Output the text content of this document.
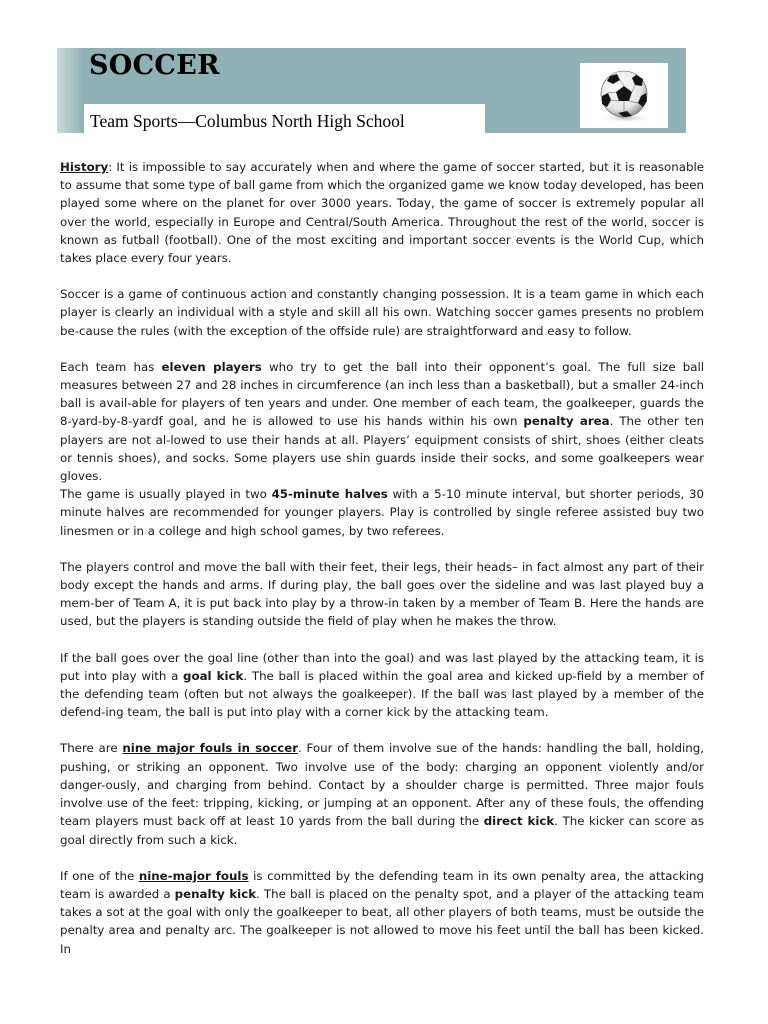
SOCCER
Team Sports—Columbus North High School

History: It is impossible to say accurately when and where the game of soccer started, but it is reasonable to assume that some type of ball game from which the organized game we know today developed, has been played some where on the planet for over 3000 years. Today, the game of soccer is extremely popular all over the world, especially in Europe and Central/South America. Throughout the rest of the world, soccer is known as futball (football). One of the most exciting and important soccer events is the World Cup, which takes place every four years.

Soccer is a game of continuous action and constantly changing possession. It is a team game in which each player is clearly an individual with a style and skill all his own. Watching soccer games presents no problem be-cause the rules (with the exception of the offside rule) are straightforward and easy to follow.

Each team has eleven players who try to get the ball into their opponent’s goal. The full size ball measures between 27 and 28 inches in circumference (an inch less than a basketball), but a smaller 24-inch ball is avail-able for players of ten years and under. One member of each team, the goalkeeper, guards the 8-yard-by-8-yardf goal, and he is allowed to use his hands within his own penalty area. The other ten players are not al-lowed to use their hands at all. Players’ equipment consists of shirt, shoes (either cleats or tennis shoes), and socks. Some players use shin guards inside their socks, and some goalkeepers wear gloves.

The game is usually played in two 45-minute halves with a 5-10 minute interval, but shorter periods, 30 minute halves are recommended for younger players. Play is controlled by single referee assisted buy two linesmen or in a college and high school games, by two referees.

The players control and move the ball with their feet, their legs, their heads– in fact almost any part of their body except the hands and arms. If during play, the ball goes over the sideline and was last played buy a mem-ber of Team A, it is put back into play by a throw-in taken by a member of Team B. Here the hands are used, but the players is standing outside the field of play when he makes the throw.

If the ball goes over the goal line (other than into the goal) and was last played by the attacking team, it is put into play with a goal kick. The ball is placed within the goal area and kicked up-field by a member of the defending team (often but not always the goalkeeper). If the ball was last played by a member of the defend-ing team, the ball is put into play with a corner kick by the attacking team.

There are nine major fouls in soccer. Four of them involve sue of the hands: handling the ball, holding, pushing, or striking an opponent. Two involve use of the body: charging an opponent violently and/or danger-ously, and charging from behind. Contact by a shoulder charge is permitted. Three major fouls involve use of the feet: tripping, kicking, or jumping at an opponent. After any of these fouls, the offending team players must back off at least 10 yards from the ball during the direct kick. The kicker can score as goal directly from such a kick.

If one of the nine-major fouls is committed by the defending team in its own penalty area, the attacking team is awarded a penalty kick. The ball is placed on the penalty spot, and a player of the attacking team takes a sot at the goal with only the goalkeeper to beat, all other players of both teams, must be outside the penalty area and penalty arc. The goalkeeper is not allowed to move his feet until the ball has been kicked. In
